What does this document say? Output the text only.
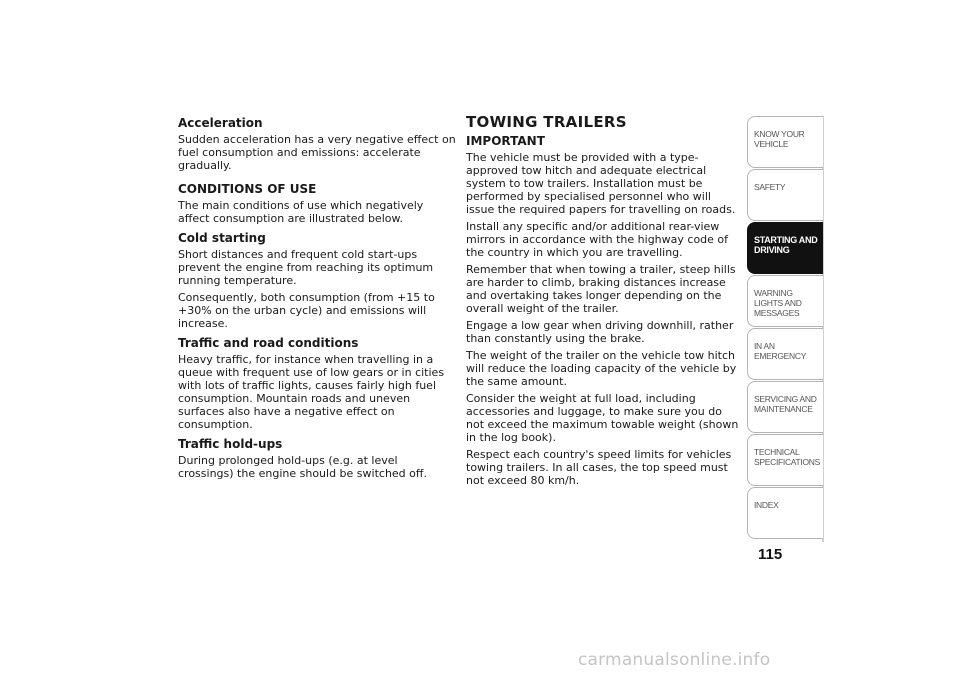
Acceleration

Sudden acceleration has a very negative effect on fuel consumption and emissions: accelerate gradually.

CONDITIONS OF USE

The main conditions of use which negatively affect consumption are illustrated below.

Cold starting

Short distances and frequent cold start-ups prevent the engine from reaching its optimum running temperature.

Consequently, both consumption (from +15 to +30% on the urban cycle) and emissions will increase.

Traffic and road conditions

Heavy traffic, for instance when travelling in a queue with frequent use of low gears or in cities with lots of traffic lights, causes fairly high fuel consumption. Mountain roads and uneven surfaces also have a negative effect on consumption.

Traffic hold-ups

During prolonged hold-ups (e.g. at level crossings) the engine should be switched off.

TOWING TRAILERS
IMPORTANT

The vehicle must be provided with a type-approved tow hitch and adequate electrical system to tow trailers. Installation must be performed by specialised personnel who will issue the required papers for travelling on roads.

Install any specific and/or additional rear-view mirrors in accordance with the highway code of the country in which you are travelling.

Remember that when towing a trailer, steep hills are harder to climb, braking distances increase and overtaking takes longer depending on the overall weight of the trailer.

Engage a low gear when driving downhill, rather than constantly using the brake.

The weight of the trailer on the vehicle tow hitch will reduce the loading capacity of the vehicle by the same amount.

Consider the weight at full load, including accessories and luggage, to make sure you do not exceed the maximum towable weight (shown in the log book).

Respect each country's speed limits for vehicles towing trailers. In all cases, the top speed must not exceed 80 km/h.

KNOW YOUR VEHICLE
SAFETY
STARTING AND DRIVING
WARNING LIGHTS AND MESSAGES
IN AN EMERGENCY
SERVICING AND MAINTENANCE
TECHNICAL SPECIFICATIONS
INDEX
115
carmanualsonline.info
